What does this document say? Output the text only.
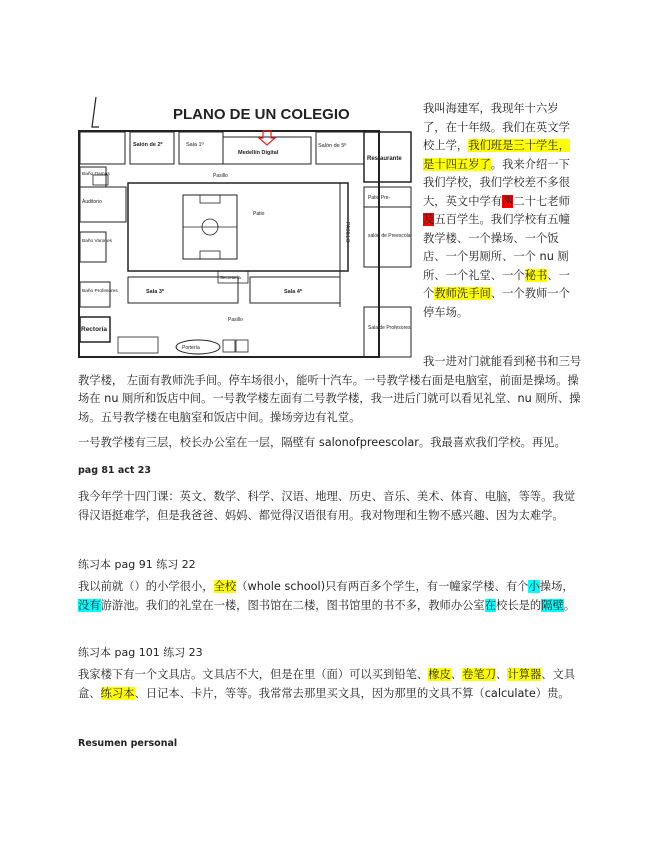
PLANO DE UN COLEGIO
Salón de 2º	Sala 1º
Medellín Digital
Salón de 5º
Restaurante
Baño Damas
Auditorio
Baño Varones
Baño Profesores
Rectoría
Pasillo
Patio
PASILLO
Patio Pre-
salón de Preescolar
Sala de Profesores
Sala 3º
Secretaría
Sala 4º
Pasillo
Portería
我叫海建军，我现年十六岁了，在十年级。我们在英文学校上学，我们班是三十学生，是十四五岁了。我来介绍一下我们学校，我们学校差不多很大，英文中学有两二十七老师及五百学生。我们学校有五幢教学楼、一个操场、一个饭店、一个男厕所、一个 nu 厕所、一个礼堂、一个秘书、一个教师洗手间、一个教师一个停车场。

我一进对门就能看到秘书和三号教学楼， 左面有教师洗手间。停车场很小，能听十汽车。一号教学楼右面是电脑室，前面是操场。操场在 nu 厕所和饭店中间。一号教学楼左面有二号教学楼，我一进后门就可以看见礼堂、nu 厕所、操场。五号教学楼在电脑室和饭店中间。操场旁边有礼堂。

一号教学楼有三层，校长办公室在一层，隔壁有 salonofpreescolar。我最喜欢我们学校。再见。

pag 81 act 23

我今年学十四门课：英文、数学、科学、汉语、地理、历史、音乐、美术、体育、电脑，等等。我觉得汉语挺难学，但是我爸爸、妈妈、都觉得汉语很有用。我对物理和生物不感兴趣、因为太难学。

练习本 pag 91 练习 22
我以前就（）的小学很小，全校（whole school)只有两百多个学生，有一幢家学楼、有个小操场，没有游游池。我们的礼堂在一楼，图书馆在二楼，图书馆里的书不多，教师办公室在校长是的隔壁。
练习本 pag 101 练习 23
我家楼下有一个文具店。文具店不大，但是在里（面）可以买到铅笔、橡皮、卷笔刀、计算器、文具盒、练习本、日记本、卡片，等等。我常常去那里买文具，因为那里的文具不算（calculate）贵。
Resumen personal
